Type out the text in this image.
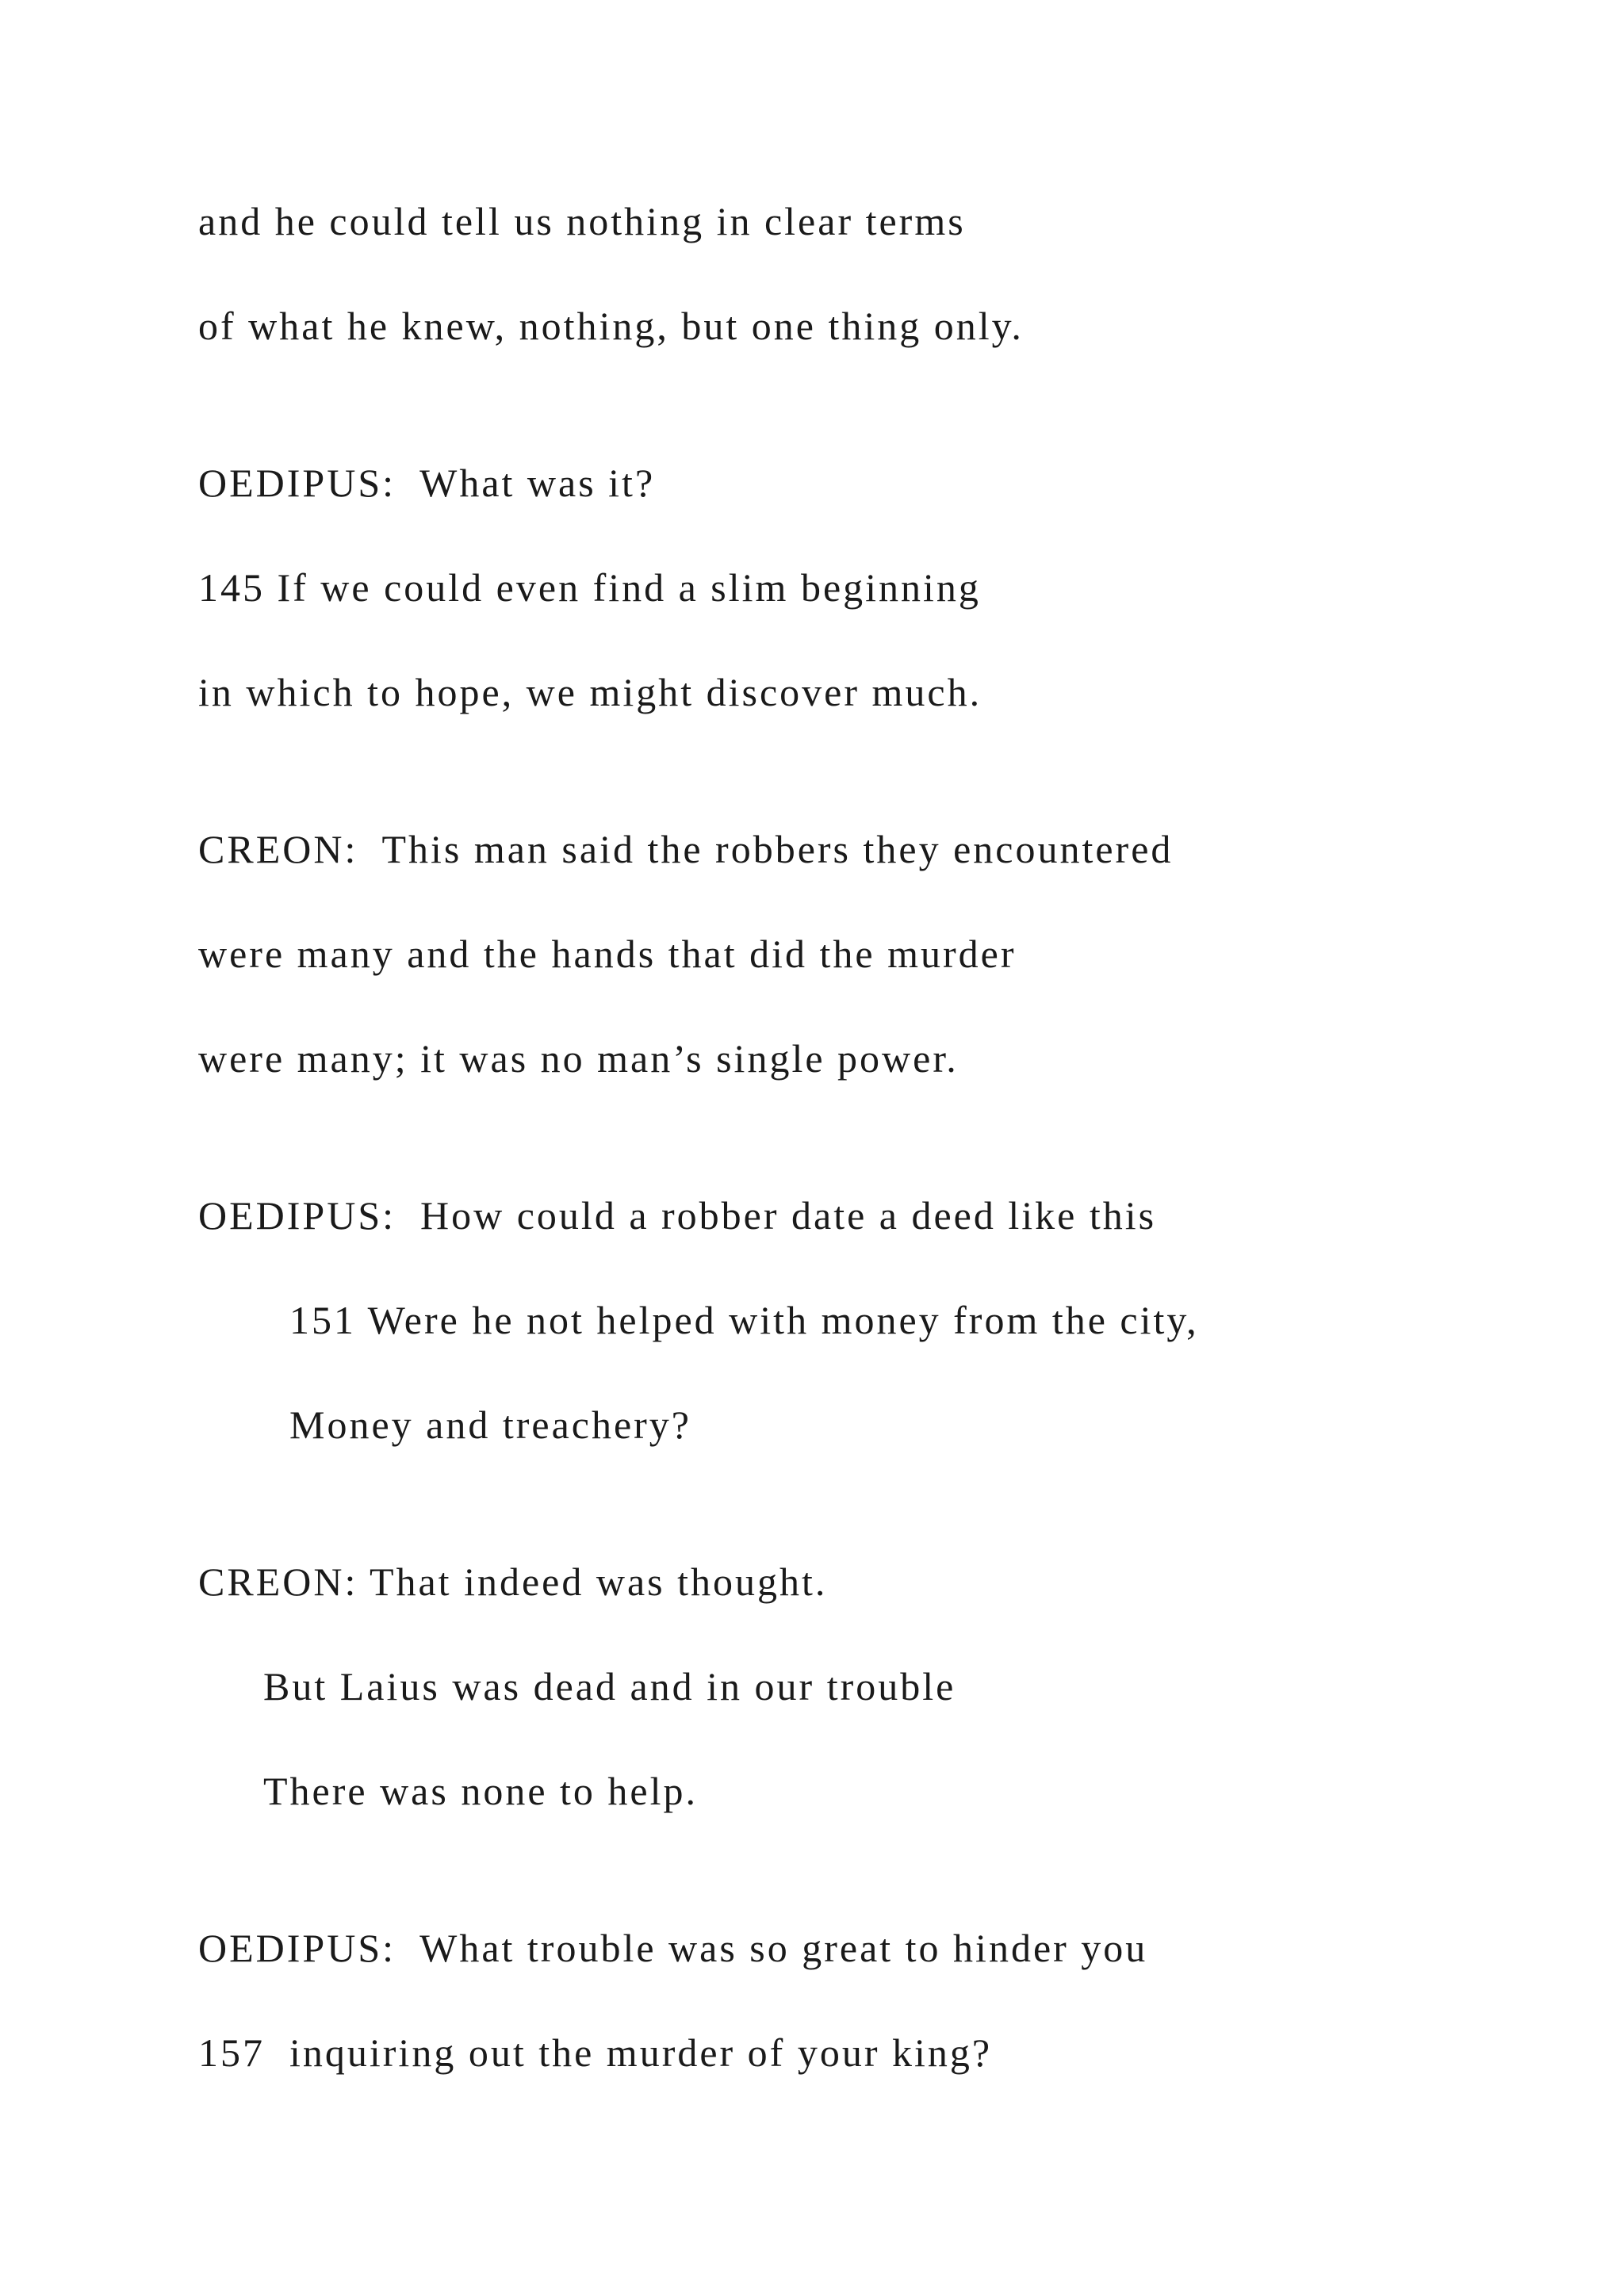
and he could tell us nothing in clear terms
of what he knew, nothing, but one thing only.
OEDIPUS:  What was it?
145 If we could even find a slim beginning
in which to hope, we might discover much.
CREON:  This man said the robbers they encountered
were many and the hands that did the murder
were many; it was no man’s single power.
OEDIPUS:  How could a robber date a deed like this
151 Were he not helped with money from the city,
Money and treachery?
CREON: That indeed was thought.
But Laius was dead and in our trouble
There was none to help.
OEDIPUS:  What trouble was so great to hinder you
157  inquiring out the murder of your king?
